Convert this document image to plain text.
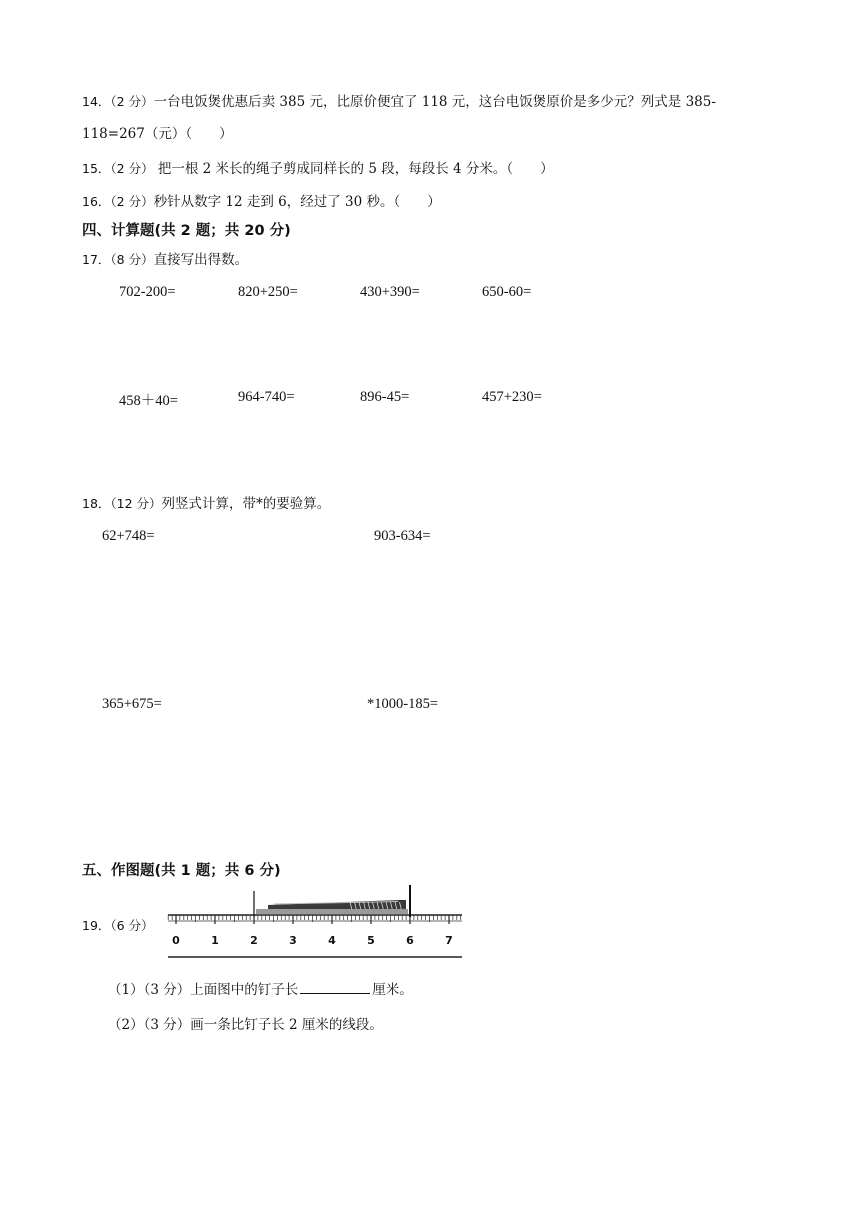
14．（2 分）一台电饭煲优惠后卖 385 元，比原价便宜了 118 元，这台电饭煲原价是多少元？列式是 385-
118=267（元）（　　）
15．（2 分） 把一根 2 米长的绳子剪成同样长的 5 段，每段长 4 分米。（　　）
16．（2 分）秒针从数字 12 走到 6，经过了 30 秒。（　　）
四、计算题(共 2 题；共 20 分)
17．（8 分）直接写出得数。
702-200=	820+250=	430+390=	650-60=
458＋40=	964-740=	896-45=	457+230=
18．（12 分）列竖式计算，带*的要验算。
62+748=	903-634=
365+675=	*1000-185=
五、作图题(共 1 题；共 6 分)
19．（6 分）
0	1	2	3	4	5	6	7
（1）（3 分）上面图中的钉子长	厘米。
（2）（3 分）画一条比钉子长 2 厘米的线段。
